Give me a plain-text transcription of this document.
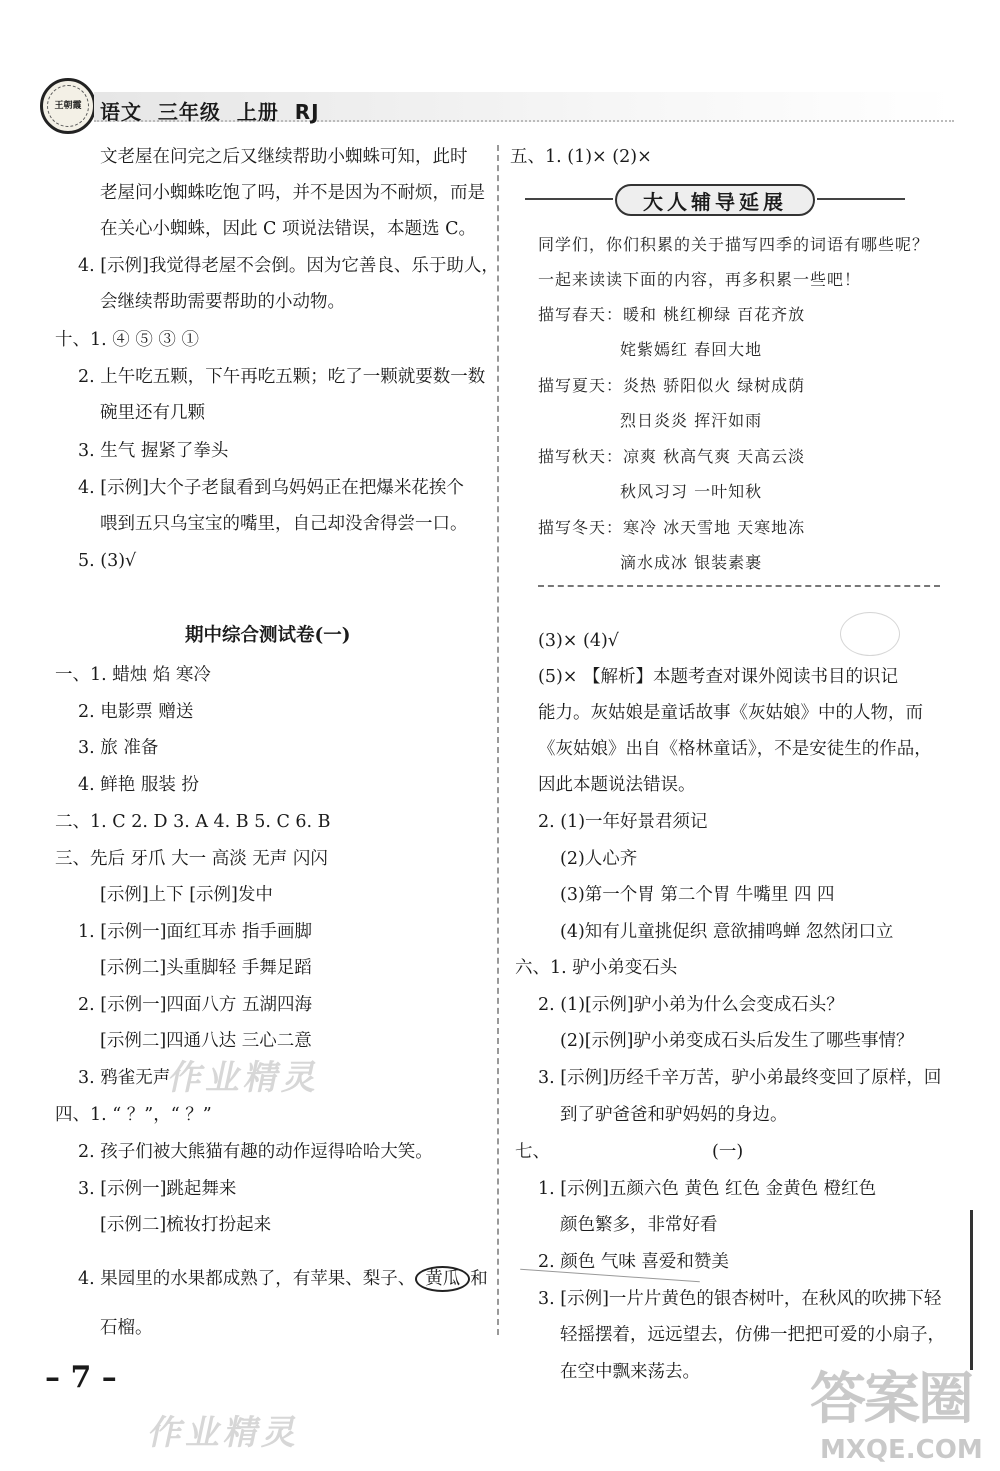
王朝霞 语文  三年级  上册  RJ
文老屋在问完之后又继续帮助小蜘蛛可知，此时
老屋问小蜘蛛吃饱了吗，并不是因为不耐烦，而是
在关心小蜘蛛，因此 C 项说法错误，本题选 C。
4. [示例]我觉得老屋不会倒。因为它善良、乐于助人，
会继续帮助需要帮助的小动物。
十、1. ④ ⑤ ③ ①
2. 上午吃五颗，下午再吃五颗；吃了一颗就要数一数
碗里还有几颗
3. 生气 握紧了拳头
4. [示例]大个子老鼠看到乌妈妈正在把爆米花挨个
喂到五只乌宝宝的嘴里，自己却没舍得尝一口。
5. (3)√
期中综合测试卷(一)
一、1. 蜡烛 焰 寒冷
2. 电影票 赠送
3. 旅 准备
4. 鲜艳 服装 扮
二、1. C 2. D 3. A 4. B 5. C 6. B
三、先后 牙爪 大一 高淡 无声 闪闪
[示例]上下 [示例]发中
1. [示例一]面红耳赤 指手画脚
[示例二]头重脚轻 手舞足蹈
2. [示例一]四面八方 五湖四海
[示例二]四通八达 三心二意
3. 鸦雀无声
四、1. “ ？”，“ ？”
2. 孩子们被大熊猫有趣的动作逗得哈哈大笑。
3. [示例一]跳起舞来
[示例二]梳妆打扮起来
4. 果园里的水果都成熟了，有苹果、梨子、 黄瓜 和
石榴。
五、1. (1)× (2)×
大人辅导延展
同学们，你们积累的关于描写四季的词语有哪些呢？
一起来读读下面的内容，再多积累一些吧！
描写春天：暖和 桃红柳绿 百花齐放
姹紫嫣红 春回大地
描写夏天：炎热 骄阳似火 绿树成荫
烈日炎炎 挥汗如雨
描写秋天：凉爽 秋高气爽 天高云淡
秋风习习 一叶知秋
描写冬天：寒冷 冰天雪地 天寒地冻
滴水成冰 银装素裹
(3)× (4)√
(5)× 【解析】本题考查对课外阅读书目的识记
能力。灰姑娘是童话故事《灰姑娘》中的人物，而
《灰姑娘》出自《格林童话》，不是安徒生的作品，
因此本题说法错误。
2. (1)一年好景君须记
(2)人心齐
(3)第一个胃 第二个胃 牛嘴里 四 四
(4)知有儿童挑促织 意欲捕鸣蝉 忽然闭口立
六、1. 驴小弟变石头
2. (1)[示例]驴小弟为什么会变成石头？
(2)[示例]驴小弟变成石头后发生了哪些事情？
3. [示例]历经千辛万苦，驴小弟最终变回了原样，回
到了驴爸爸和驴妈妈的身边。
七、	(一)
1. [示例]五颜六色 黄色 红色 金黄色 橙红色
颜色繁多，非常好看
2. 颜色 气味 喜爱和赞美
3. [示例]一片片黄色的银杏树叶，在秋风的吹拂下轻
轻摇摆着，远远望去，仿佛一把把可爱的小扇子，
在空中飘来荡去。
作业精灵
作业精灵
– 7 –	答案圈
MXQE.COM
